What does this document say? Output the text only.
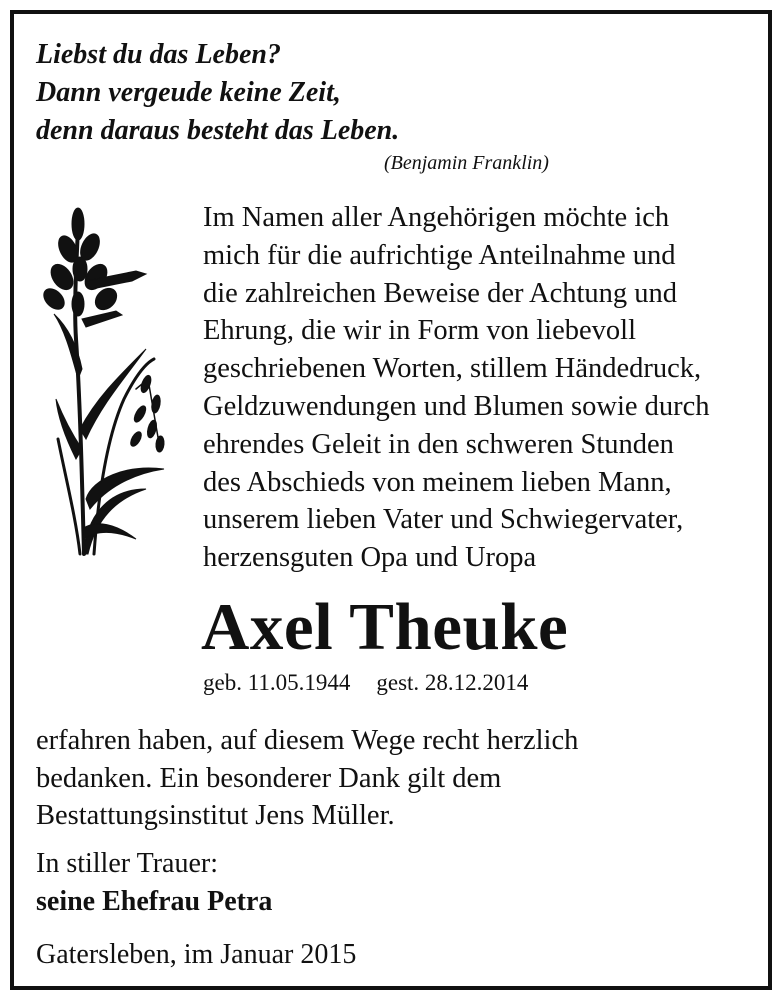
Liebst du das Leben?
Dann vergeude keine Zeit,
denn daraus besteht das Leben.
(Benjamin Franklin)
Im Namen aller Angehörigen möchte ich
mich für die aufrichtige Anteilnahme und
die zahlreichen Beweise der Achtung und
Ehrung, die wir in Form von liebevoll
geschriebenen Worten, stillem Händedruck,
Geldzuwendungen und Blumen sowie durch
ehrendes Geleit in den schweren Stunden
des Abschieds von meinem lieben Mann,
unserem lieben Vater und Schwiegervater,
herzensguten Opa und Uropa
Axel Theuke
geb. 11.05.1944 gest. 28.12.2014
erfahren haben, auf diesem Wege recht herzlich
bedanken. Ein besonderer Dank gilt dem
Bestattungsinstitut Jens Müller.
In stiller Trauer:
seine Ehefrau Petra
Gatersleben, im Januar 2015
